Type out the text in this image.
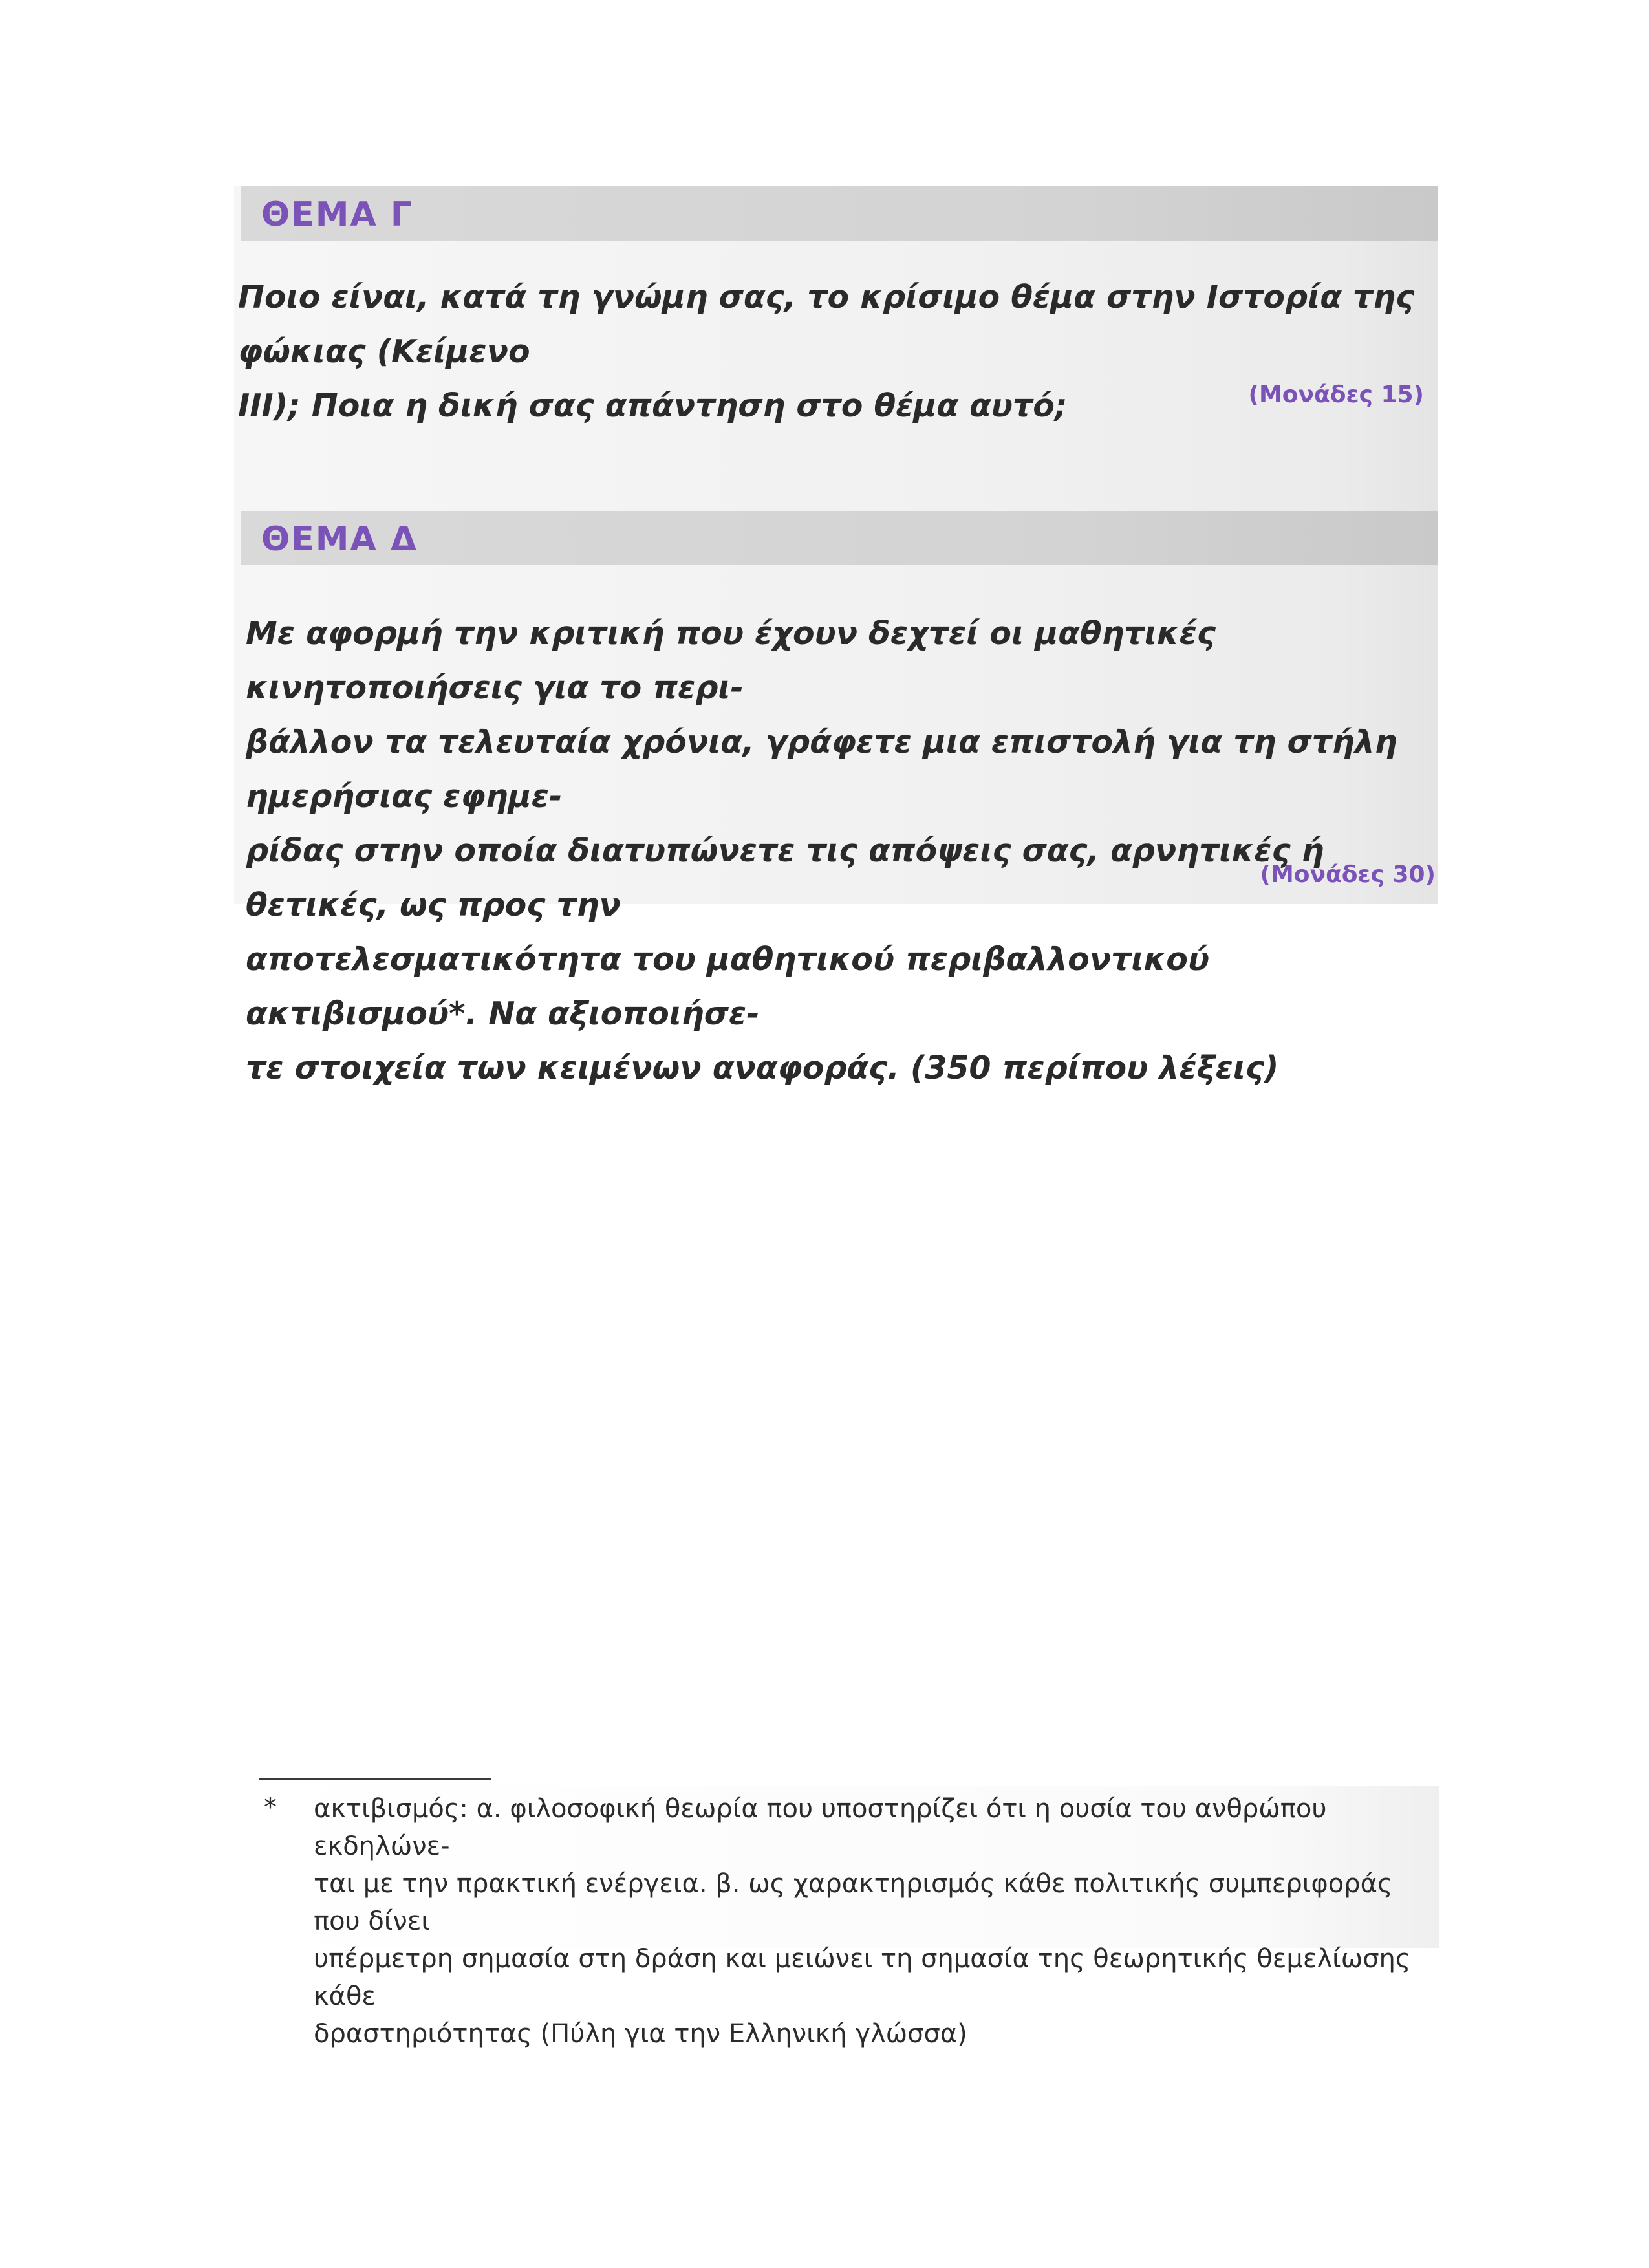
ΘΕΜΑ Γ
Ποιο είναι, κατά τη γνώμη σας, το κρίσιμο θέμα στην Ιστορία της φώκιας (Κείμενο
ΙΙΙ); Ποια η δική σας απάντηση στο θέμα αυτό;	(Μονάδες 15)
ΘΕΜΑ Δ
Με αφορμή την κριτική που έχουν δεχτεί οι μαθητικές κινητοποιήσεις για το περι-
βάλλον τα τελευταία χρόνια, γράφετε μια επιστολή για τη στήλη ημερήσιας εφημε-
ρίδας στην οποία διατυπώνετε τις απόψεις σας, αρνητικές ή θετικές, ως προς την
αποτελεσματικότητα του μαθητικού περιβαλλοντικού ακτιβισμού*. Να αξιοποιήσε-
τε στοιχεία των κειμένων αναφοράς. (350 περίπου λέξεις)
(Μονάδες 30)
* ακτιβισμός: α. φιλοσοφική θεωρία που υποστηρίζει ότι η ουσία του ανθρώπου εκδηλώνε-
ται με την πρακτική ενέργεια. β. ως χαρακτηρισμός κάθε πολιτικής συμπεριφοράς που δίνει
υπέρμετρη σημασία στη δράση και μειώνει τη σημασία της θεωρητικής θεμελίωσης κάθε
δραστηριότητας (Πύλη για την Ελληνική γλώσσα)
